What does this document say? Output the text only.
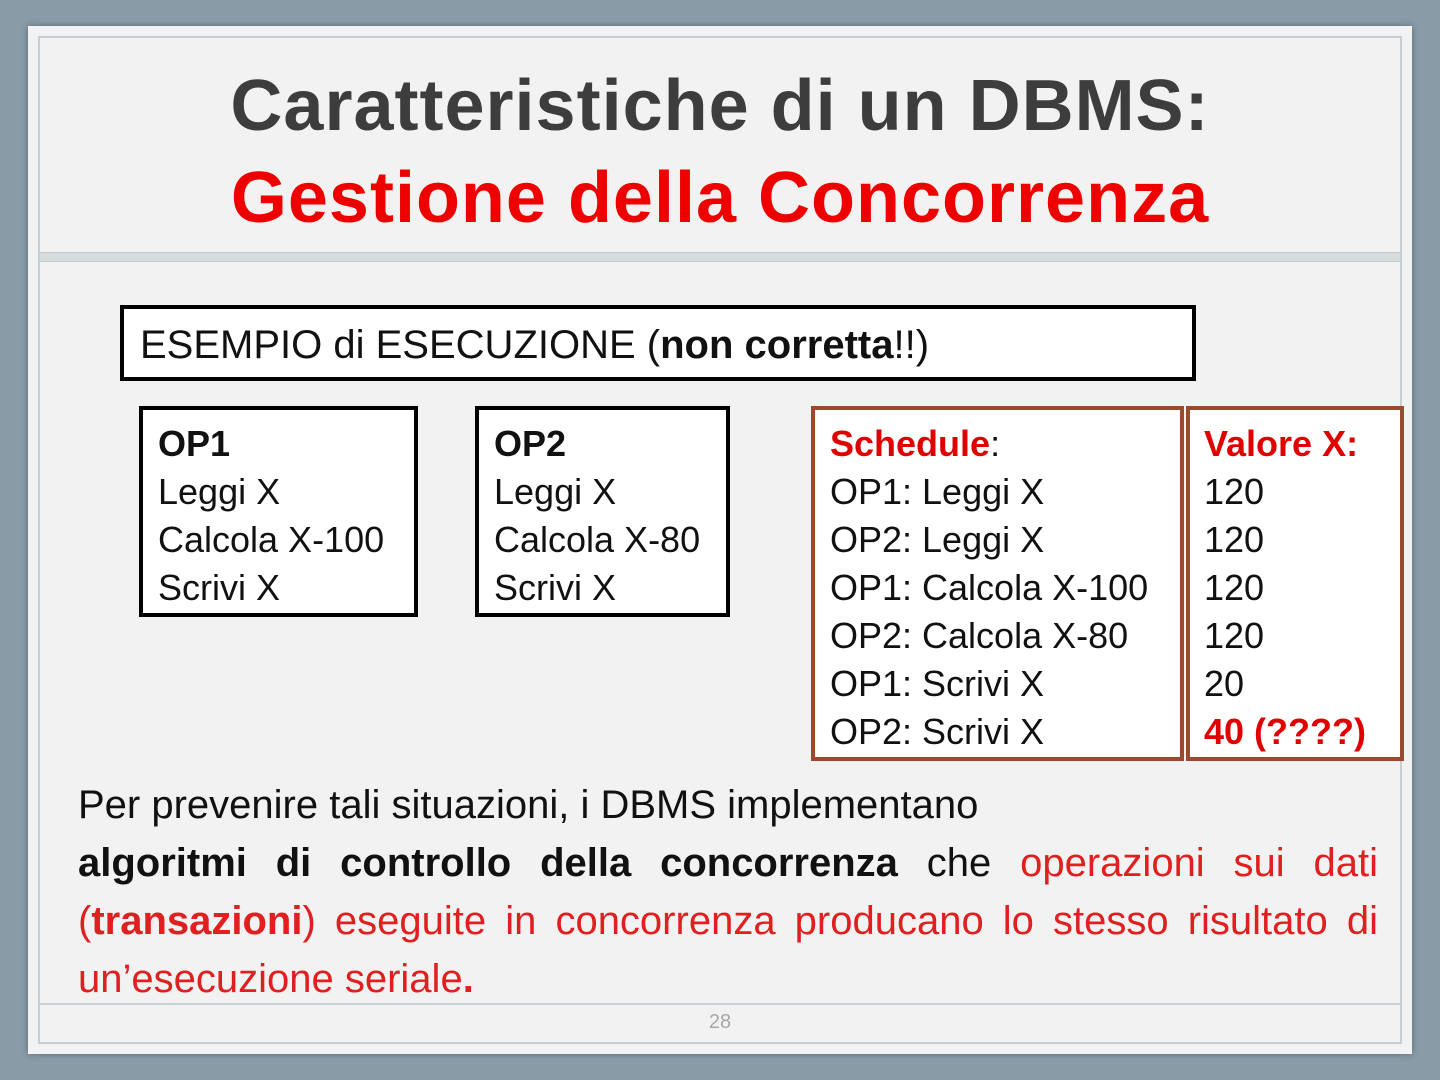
Caratteristiche di un DBMS:
Gestione della Concorrenza
ESEMPIO di ESECUZIONE (non corretta!!)
OP1
Leggi X
Calcola X-100
Scrivi X
OP2
Leggi X
Calcola X-80
Scrivi X
Schedule:
OP1: Leggi X
OP2: Leggi X
OP1: Calcola X-100
OP2: Calcola X-80
OP1: Scrivi X
OP2: Scrivi X
Valore X:
120
120
120
120
20
40 (????)
Per prevenire tali situazioni, i DBMS implementano
algoritmi di controllo della concorrenza che operazioni sui dati (transazioni) eseguite in concorrenza producano lo stesso risultato di un’esecuzione seriale.
28
